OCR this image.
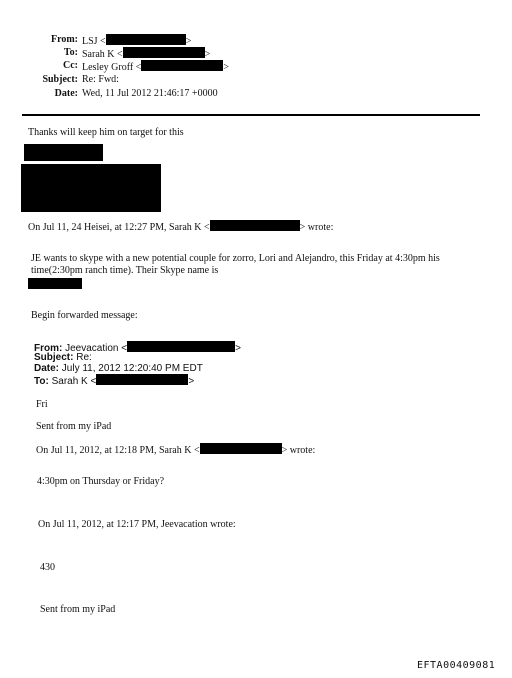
From: LSJ <	>
To: Sarah K <	>
Cc: Lesley Groff <	>
Subject: Re: Fwd:
Date: Wed, 11 Jul 2012 21:46:17 +0000
Thanks will keep him on target for this
On Jul 11, 24 Heisei, at 12:27 PM, Sarah K <	> wrote:
JE wants to skype with a new potential couple for zorro, Lori and Alejandro, this Friday at 4:30pm his
time(2:30pm ranch time). Their Skype name is
Begin forwarded message:
From: Jeevacation <	>
Subject: Re:
Date: July 11, 2012 12:20:40 PM EDT
To: Sarah K <	>
Fri
Sent from my iPad
On Jul 11, 2012, at 12:18 PM, Sarah K <	> wrote:
4:30pm on Thursday or Friday?
On Jul 11, 2012, at 12:17 PM, Jeevacation wrote:
430
Sent from my iPad
EFTA00409081
